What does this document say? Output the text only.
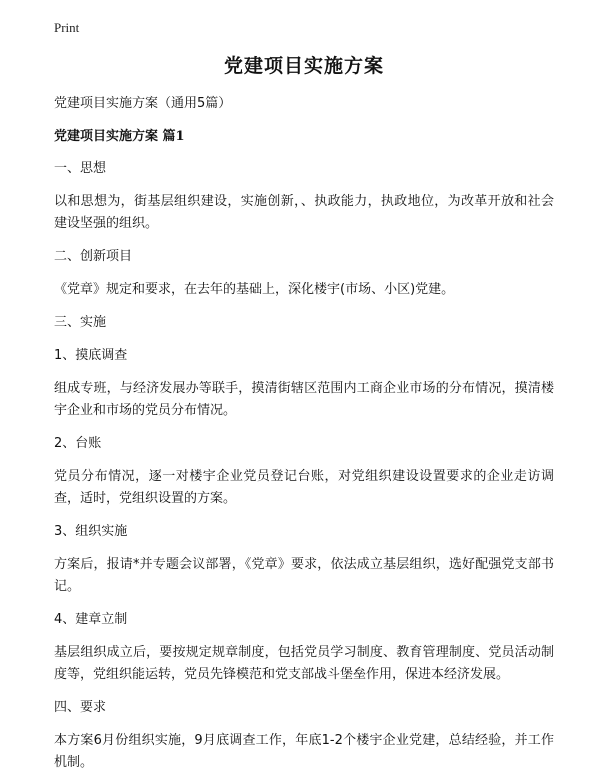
Print
党建项目实施方案
党建项目实施方案（通用5篇）
党建项目实施方案 篇1
一、思想
以和思想为，街基层组织建设，实施创新，、执政能力，执政地位，为改革开放和社会建设坚强的组织。
二、创新项目
《党章》规定和要求，在去年的基础上，深化楼宇(市场、小区)党建。
三、实施
1、摸底调查
组成专班，与经济发展办等联手，摸清街辖区范围内工商企业市场的分布情况，摸清楼宇企业和市场的党员分布情况。
2、台账
党员分布情况，逐一对楼宇企业党员登记台账，对党组织建设设置要求的企业走访调查，适时，党组织设置的方案。
3、组织实施
方案后，报请*并专题会议部署，《党章》要求，依法成立基层组织，选好配强党支部书记。
4、建章立制
基层组织成立后，要按规定规章制度，包括党员学习制度、教育管理制度、党员活动制度等，党组织能运转，党员先锋模范和党支部战斗堡垒作用，保进本经济发展。
四、要求
本方案6月份组织实施，9月底调查工作，年底1-2个楼宇企业党建，总结经验，并工作机制。
